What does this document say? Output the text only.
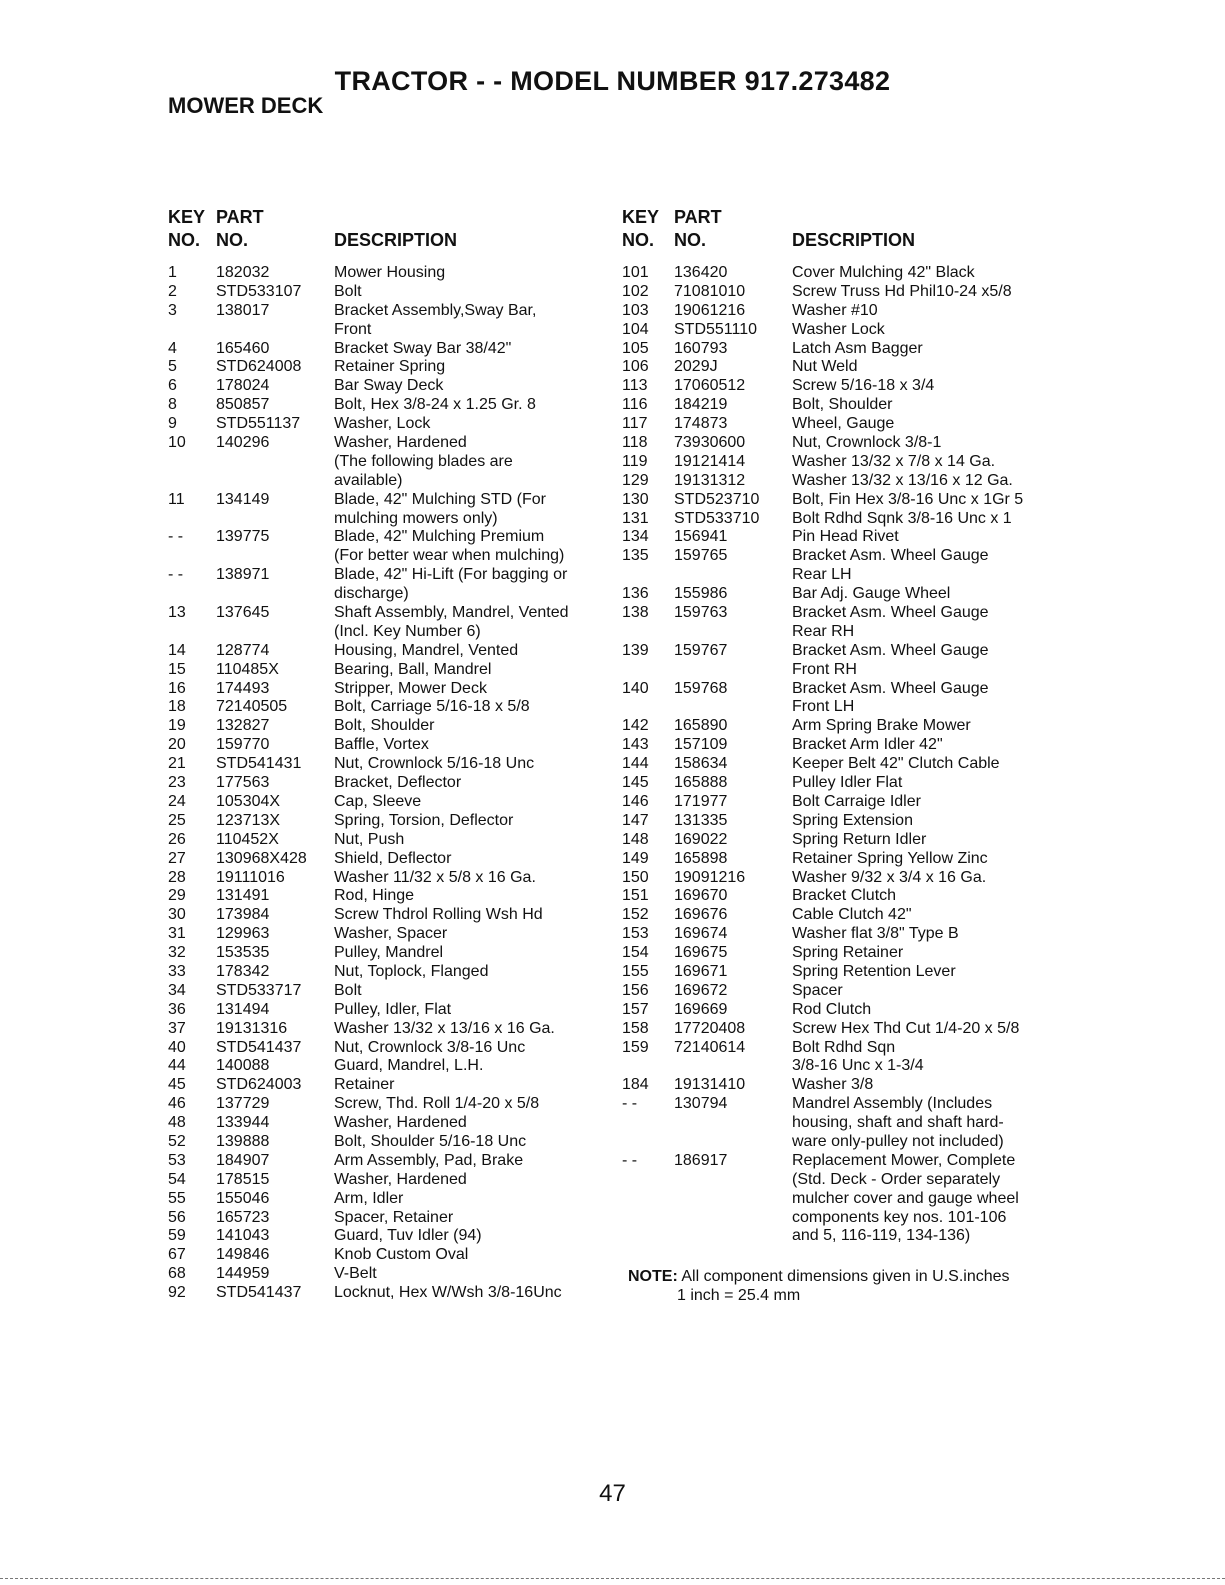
TRACTOR - - MODEL NUMBER 917.273482
MOWER DECK
KEY
NO.
PART
NO.	DESCRIPTION
KEY
NO.
PART
NO.	DESCRIPTION
1 182032	Mower Housing
2 STD533107 Bolt
3 138017	Bracket Assembly,Sway Bar,
Front
4 165460	Bracket Sway Bar 38/42"
5 STD624008 Retainer Spring
6 178024	Bar Sway Deck
8 850857	Bolt, Hex 3/8-24 x 1.25 Gr. 8
9 STD551137 Washer, Lock
10 140296	Washer, Hardened
(The following blades are
available)
11 134149	Blade, 42" Mulching STD (For
mulching mowers only)
- - 139775	Blade, 42" Mulching Premium
(For better wear when mulching)
- - 138971	Blade, 42" Hi-Lift (For bagging or
discharge)
13 137645	Shaft Assembly, Mandrel, Vented
(Incl. Key Number 6)
14 128774	Housing, Mandrel, Vented
15 110485X	Bearing, Ball, Mandrel
16 174493	Stripper, Mower Deck
18 72140505	Bolt, Carriage 5/16-18 x 5/8
19 132827	Bolt, Shoulder
20 159770	Baffle, Vortex
21 STD541431 Nut, Crownlock 5/16-18 Unc
23 177563	Bracket, Deflector
24 105304X	Cap, Sleeve
25 123713X	Spring, Torsion, Deflector
26 110452X	Nut, Push
27 130968X428 Shield, Deflector
28 19111016	Washer 11/32 x 5/8 x 16 Ga.
29 131491	Rod, Hinge
30 173984	Screw Thdrol Rolling Wsh Hd
31 129963	Washer, Spacer
32 153535	Pulley, Mandrel
33 178342	Nut, Toplock, Flanged
34 STD533717 Bolt
36 131494	Pulley, Idler, Flat
37 19131316	Washer 13/32 x 13/16 x 16 Ga.
40 STD541437 Nut, Crownlock 3/8-16 Unc
44 140088	Guard, Mandrel, L.H.
45 STD624003 Retainer
46 137729	Screw, Thd. Roll 1/4-20 x 5/8
48 133944	Washer, Hardened
52 139888	Bolt, Shoulder 5/16-18 Unc
53 184907	Arm Assembly, Pad, Brake
54 178515	Washer, Hardened
55 155046	Arm, Idler
56 165723	Spacer, Retainer
59 141043	Guard, Tuv Idler (94)
67 149846	Knob Custom Oval
68 144959	V-Belt
92 STD541437 Locknut, Hex W/Wsh 3/8-16Unc
101 136420	Cover Mulching 42" Black
102 71081010	Screw Truss Hd Phil10-24 x5/8
103 19061216	Washer #10
104 STD551110 Washer Lock
105 160793	Latch Asm Bagger
106 2029J	Nut Weld
113 17060512	Screw 5/16-18 x 3/4
116 184219	Bolt, Shoulder
117 174873	Wheel, Gauge
118 73930600	Nut, Crownlock 3/8-1
119 19121414	Washer 13/32 x 7/8 x 14 Ga.
129 19131312	Washer 13/32 x 13/16 x 12 Ga.
130 STD523710 Bolt, Fin Hex 3/8-16 Unc x 1Gr 5
131 STD533710 Bolt Rdhd Sqnk 3/8-16 Unc x 1
134 156941	Pin Head Rivet
135 159765	Bracket Asm. Wheel Gauge
Rear LH
136 155986	Bar Adj. Gauge Wheel
138 159763	Bracket Asm. Wheel Gauge
Rear RH
139 159767	Bracket Asm. Wheel Gauge
Front RH
140 159768	Bracket Asm. Wheel Gauge
Front LH
142 165890	Arm Spring Brake Mower
143 157109	Bracket Arm Idler 42"
144 158634	Keeper Belt 42" Clutch Cable
145 165888	Pulley Idler Flat
146 171977	Bolt Carraige Idler
147 131335	Spring Extension
148 169022	Spring Return Idler
149 165898	Retainer Spring Yellow Zinc
150 19091216	Washer 9/32 x 3/4 x 16 Ga.
151 169670	Bracket Clutch
152 169676	Cable Clutch 42"
153 169674	Washer flat 3/8" Type B
154 169675	Spring Retainer
155 169671	Spring Retention Lever
156 169672	Spacer
157 169669	Rod Clutch
158 17720408	Screw Hex Thd Cut 1/4-20 x 5/8
159 72140614	Bolt Rdhd Sqn
3/8-16 Unc x 1-3/4
184 19131410	Washer 3/8
- - 130794	Mandrel Assembly (Includes
housing, shaft and shaft hard-
ware only-pulley not included)
- - 186917	Replacement Mower, Complete
(Std. Deck - Order separately
mulcher cover and gauge wheel
components key nos. 101-106
and 5, 116-119, 134-136)
NOTE: All component dimensions given in U.S.inches
1 inch = 25.4 mm
47
